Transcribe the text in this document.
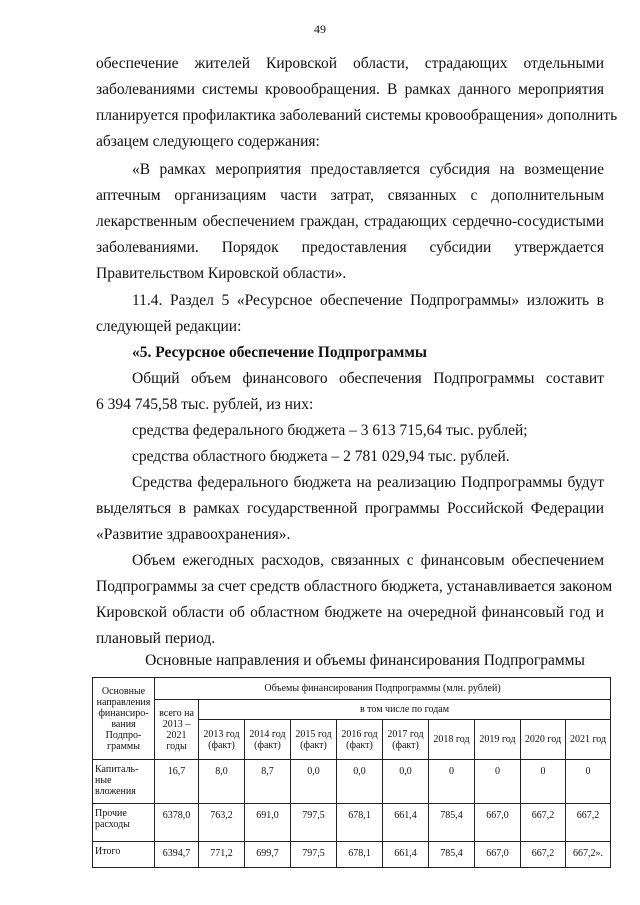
49
обеспечение жителей Кировской области, страдающих отдельными
заболеваниями системы кровообращения. В рамках данного мероприятия
планируется профилактика заболеваний системы кровообращения» дополнить
абзацем следующего содержания:
«В рамках мероприятия предоставляется субсидия на возмещение
аптечным организациям части затрат, связанных с дополнительным
лекарственным обеспечением граждан, страдающих сердечно-сосудистыми
заболеваниями. Порядок предоставления субсидии утверждается
Правительством Кировской области».
11.4. Раздел 5 «Ресурсное обеспечение Подпрограммы» изложить в
следующей редакции:
«5. Ресурсное обеспечение Подпрограммы
Общий объем финансового обеспечения Подпрограммы составит
6 394 745,58 тыс. рублей, из них:
средства федерального бюджета – 3 613 715,64 тыс. рублей;
средства областного бюджета – 2 781 029,94 тыс. рублей.
Средства федерального бюджета на реализацию Подпрограммы будут
выделяться в рамках государственной программы Российской Федерации
«Развитие здравоохранения».
Объем ежегодных расходов, связанных с финансовым обеспечением
Подпрограммы за счет средств областного бюджета, устанавливается законом
Кировской области об областном бюджете на очередной финансовый год и
плановый период.
Основные направления и объемы финансирования Подпрограммы
Основные направления финансиро-вания Подпро-граммы	Объемы финансирования Подпрограммы (млн. рублей)									
	всего на 2013 – 2021 годы	в том числе по годам								
		2013 год (факт)	2014 год (факт)	2015 год (факт)	2016 год (факт)	2017 год (факт)	2018 год	2019 год	2020 год	2021 год
Капиталь-ные вложения	16,7	8,0	8,7	0,0	0,0	0,0	0	0	0	0
Прочие расходы	6378,0	763,2	691,0	797,5	678,1	661,4	785,4	667,0	667,2	667,2
Итого	6394,7	771,2	699,7	797,5	678,1	661,4	785,4	667,0	667,2	667,2».
